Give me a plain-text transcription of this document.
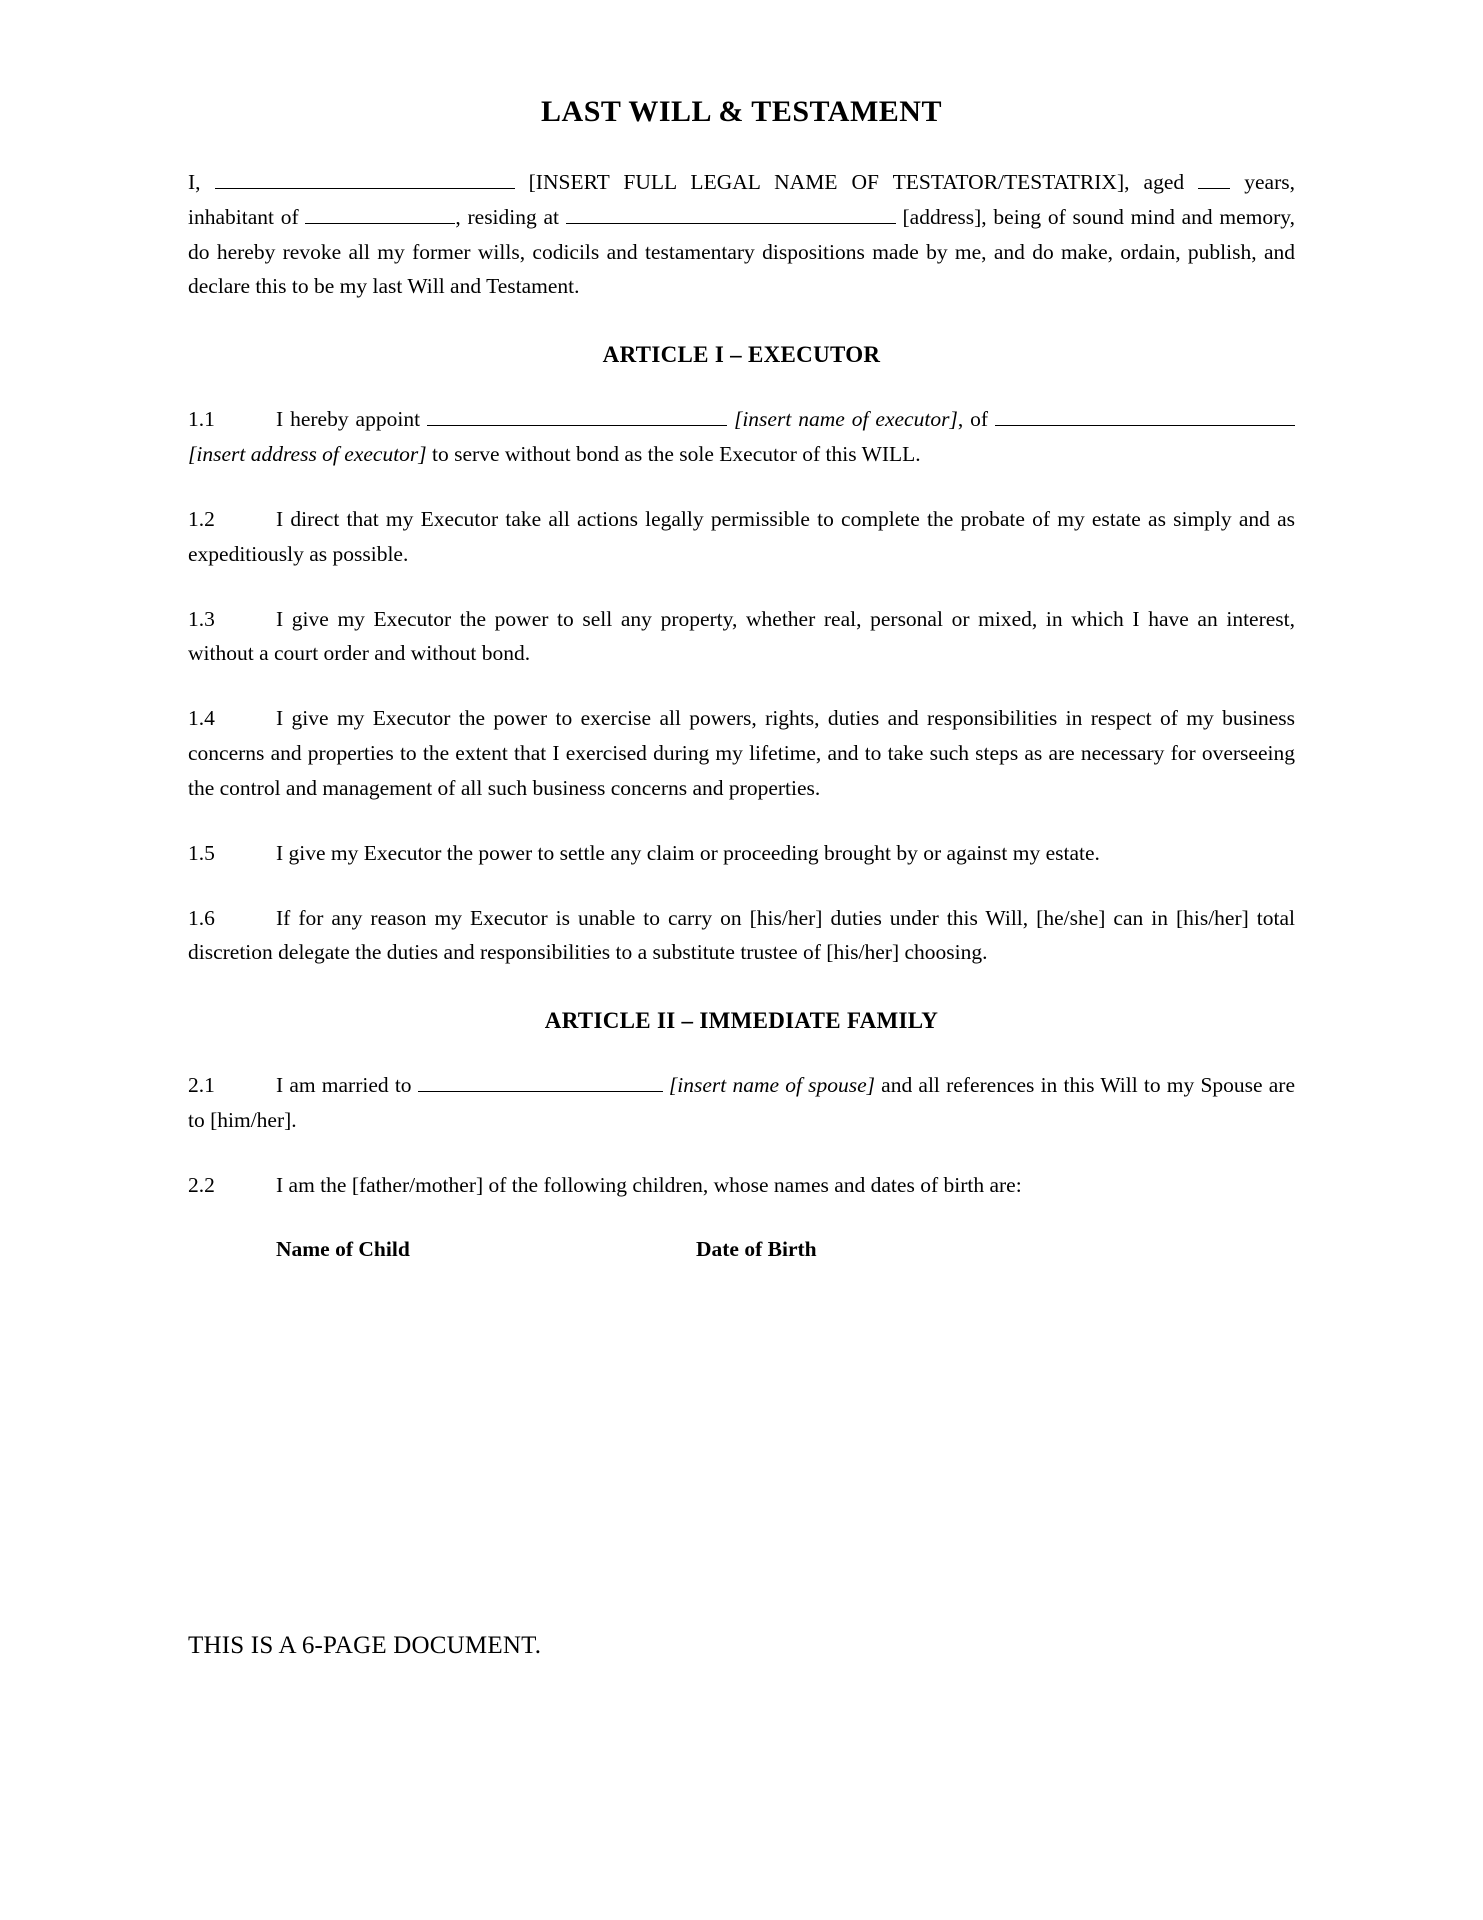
LAST WILL & TESTAMENT

I,	[INSERT FULL LEGAL NAME OF TESTATOR/TESTATRIX], aged  years, inhabitant of	, residing at	[address], being of sound mind and memory, do hereby revoke all my former wills, codicils and testamentary dispositions made by me, and do make, ordain, publish, and declare this to be my last Will and Testament.

ARTICLE I – EXECUTOR
1.1	I hereby appoint	[insert name of executor], of  [insert address of executor] to serve without bond as the sole Executor of this WILL.
1.2	I direct that my Executor take all actions legally permissible to complete the probate of my estate as simply and as expeditiously as possible.
1.3	I give my Executor the power to sell any property, whether real, personal or mixed, in which I have an interest, without a court order and without bond.
1.4	I give my Executor the power to exercise all powers, rights, duties and responsibilities in respect of my business concerns and properties to the extent that I exercised during my lifetime, and to take such steps as are necessary for overseeing the control and management of all such business concerns and properties.
1.5	I give my Executor the power to settle any claim or proceeding brought by or against my estate.
1.6	If for any reason my Executor is unable to carry on [his/her] duties under this Will, [he/she] can in [his/her] total discretion delegate the duties and responsibilities to a substitute trustee of [his/her] choosing.
ARTICLE II – IMMEDIATE FAMILY
2.1	I am married to	[insert name of spouse] and all references in this Will to my Spouse are to [him/her].
2.2	I am the [father/mother] of the following children, whose names and dates of birth are:
Name of Child	Date of Birth
THIS IS A 6-PAGE DOCUMENT.
